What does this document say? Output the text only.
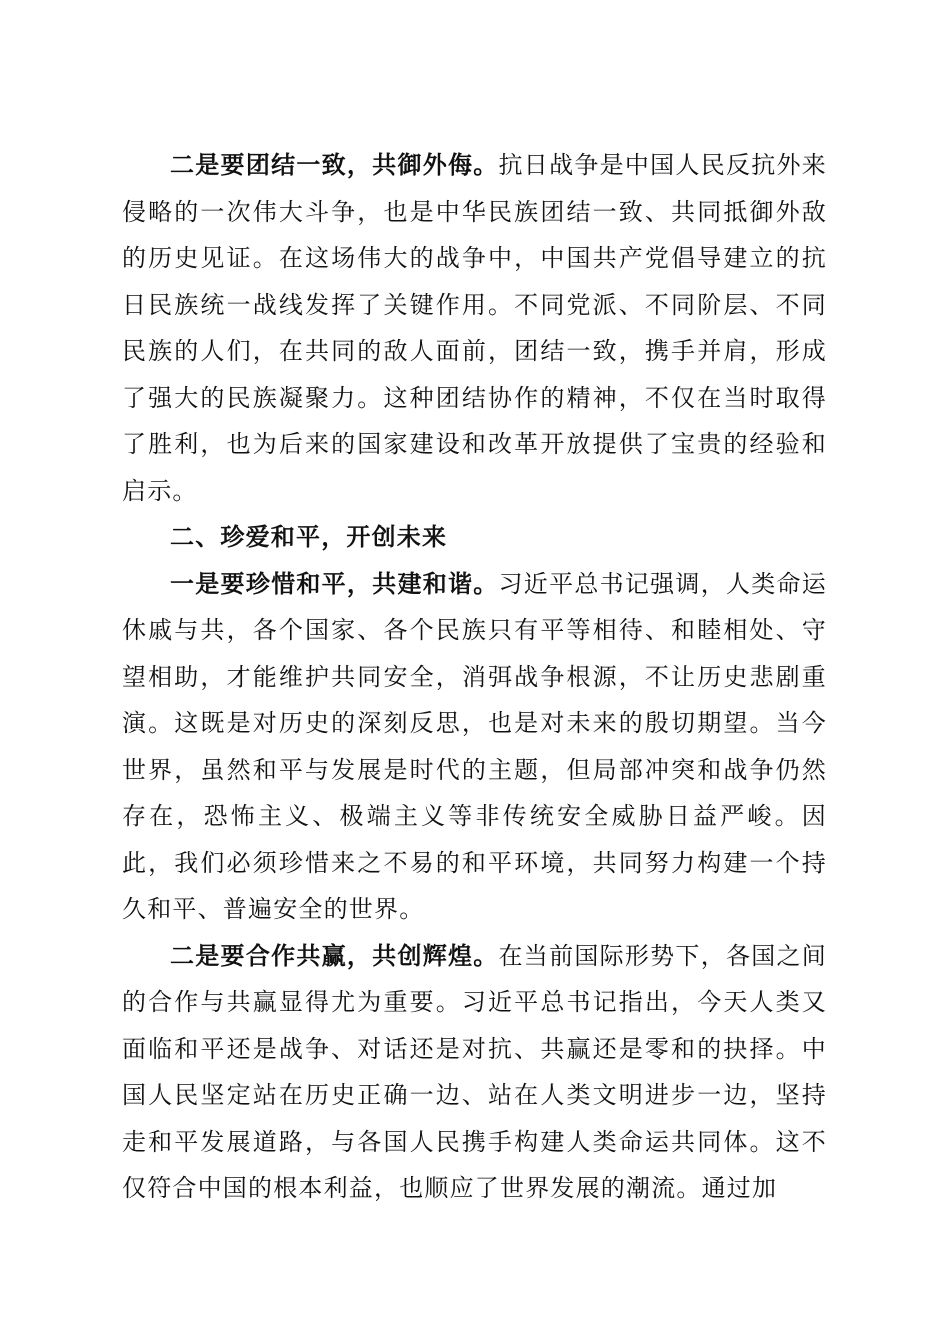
二是要团结一致，共御外侮。抗日战争是中国人民反抗外来侵略的一次伟大斗争，也是中华民族团结一致、共同抵御外敌的历史见证。在这场伟大的战争中，中国共产党倡导建立的抗日民族统一战线发挥了关键作用。不同党派、不同阶层、不同民族的人们，在共同的敌人面前，团结一致，携手并肩，形成了强大的民族凝聚力。这种团结协作的精神，不仅在当时取得了胜利，也为后来的国家建设和改革开放提供了宝贵的经验和启示。

二、珍爱和平，开创未来

一是要珍惜和平，共建和谐。习近平总书记强调，人类命运休戚与共，各个国家、各个民族只有平等相待、和睦相处、守望相助，才能维护共同安全，消弭战争根源，不让历史悲剧重演。这既是对历史的深刻反思，也是对未来的殷切期望。当今世界，虽然和平与发展是时代的主题，但局部冲突和战争仍然存在，恐怖主义、极端主义等非传统安全威胁日益严峻。因此，我们必须珍惜来之不易的和平环境，共同努力构建一个持久和平、普遍安全的世界。

二是要合作共赢，共创辉煌。在当前国际形势下，各国之间的合作与共赢显得尤为重要。习近平总书记指出，今天人类又面临和平还是战争、对话还是对抗、共赢还是零和的抉择。中国人民坚定站在历史正确一边、站在人类文明进步一边，坚持走和平发展道路，与各国人民携手构建人类命运共同体。这不仅符合中国的根本利益，也顺应了世界发展的潮流。通过加
